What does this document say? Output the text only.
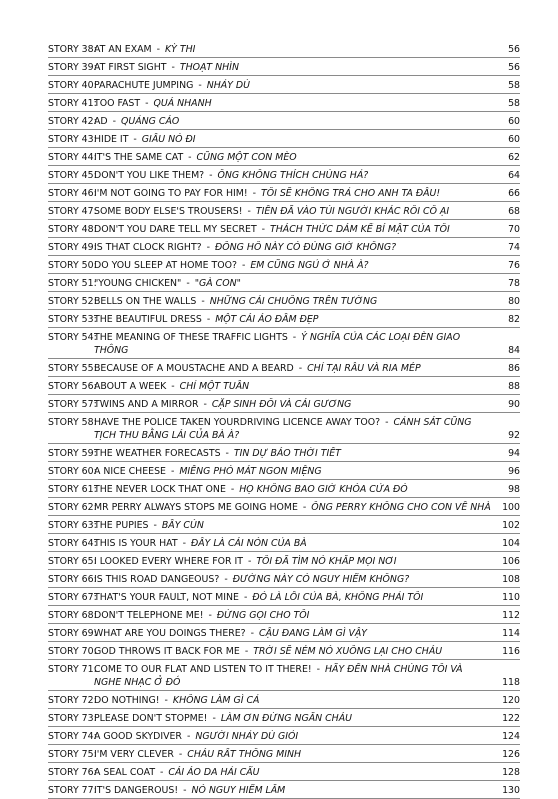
STORY 38:
AT AN EXAM - KỲ THI	56
STORY 39:
AT FIRST SIGHT - THOẠT NHÌN	56
STORY 40:
PARACHUTE JUMPING - NHẢY DÙ	58
STORY 41:
TOO FAST - QUÁ NHANH	58
STORY 42:
AD - QUẢNG CÁO	60
STORY 43:
HIDE IT - GIẤU NÓ ĐI	60
STORY 44:
IT'S THE SAME CAT - CŨNG MỘT CON MÈO	62
STORY 45:
DON'T YOU LIKE THEM? - ÔNG KHÔNG THÍCH CHÚNG HẢ?	64
STORY 46:
I'M NOT GOING TO PAY FOR HIM! - TÔI SẼ KHÔNG TRẢ CHO ANH TA ĐÂU!	66
STORY 47:
SOME BODY ELSE'S TROUSERS! - TIỀN ĐÃ VÀO TÚI NGƯỜI KHÁC RỒI CÔ ẠI	68
STORY 48:
DON'T YOU DARE TELL MY SECRET - THÁCH THỨC DÁM KỂ BÍ MẬT CỦA TÔI	70
STORY 49:
IS THAT CLOCK RIGHT? - ĐỒNG HỒ NÀY CÓ ĐÚNG GIỜ KHÔNG?	74
STORY 50:
DO YOU SLEEP AT HOME TOO? - EM CŨNG NGỦ Ở NHÀ À?	76
STORY 51:
"YOUNG CHICKEN" - "GÀ CON"	78
STORY 52:
BELLS ON THE WALLS - NHỮNG CÁI CHUÔNG TRÊN TƯỜNG	80
STORY 53:
THE BEAUTIFUL DRESS - MỘT CÁI ÁO ĐẦM ĐẸP	82
STORY 54:
THE MEANING OF THESE TRAFFIC LIGHTS - Ý NGHĨA CỦA CÁC LOẠI ĐÈN GIAO THÔNG	84
STORY 55:
BECAUSE OF A MOUSTACHE AND A BEARD - CHỈ TẠI RÂU VÀ RIA MÉP	86
STORY 56:
ABOUT A WEEK - CHỈ MỘT TUẦN	88
STORY 57:
TWINS AND A MIRROR - CẶP SINH ĐÔI VÀ CÁI GƯƠNG	90
STORY 58:
HAVE THE POLICE TAKEN YOURDRIVING LICENCE AWAY TOO? - CẢNH SÁT CŨNG TỊCH THU BẰNG LÁI CỦA BÀ À?	92
STORY 59:
THE WEATHER FORECASTS - TIN DỰ BÁO THỜI TIẾT	94
STORY 60:
A NICE CHEESE - MIẾNG PHÓ MÁT NGON MIỆNG	96
STORY 61:
THE NEVER LOCK THAT ONE - HỌ KHÔNG BAO GIỜ KHÓA CỬA ĐÓ	98
STORY 62:
MR PERRY ALWAYS STOPS ME GOING HOME - ÔNG PERRY KHÔNG CHO CON VỀ NHÀ	100
STORY 63:
THE PUPIES - BẦY CÚN	102
STORY 64:
THIS IS YOUR HAT - ĐÂY LÀ CÁI NÓN CỦA BÀ	104
STORY 65:
I LOOKED EVERY WHERE FOR IT - TÔI ĐÃ TÌM NÓ KHẮP MỌI NƠI	106
STORY 66:
IS THIS ROAD DANGEOUS? - ĐƯỜNG NÀY CÓ NGUY HIỂM KHÔNG?	108
STORY 67:
THAT'S YOUR FAULT, NOT MINE - ĐÓ LÀ LỖI CỦA BÀ, KHÔNG PHẢI TÔI	110
STORY 68:
DON'T TELEPHONE ME! - ĐỪNG GỌI CHO TÔI	112
STORY 69:
WHAT ARE YOU DOINGS THERE? - CẬU ĐANG LÀM GÌ VẬY	114
STORY 70:
GOD THROWS IT BACK FOR ME - TRỜI SẼ NÉM NÓ XUỐNG LẠI CHO CHÁU	116
STORY 71:
COME TO OUR FLAT AND LISTEN TO IT THERE! - HÃY ĐẾN NHÀ CHÚNG TÔI VÀ NGHE NHẠC Ở ĐÓ	118
STORY 72:
DO NOTHING! - KHÔNG LÀM GÌ CẢ	120
STORY 73:
PLEASE DON'T STOPME! - LÀM ƠN ĐỪNG NGĂN CHÁU	122
STORY 74:
A GOOD SKYDIVER - NGƯỜI NHẢY DÙ GIỎI	124
STORY 75:
I'M VERY CLEVER - CHÁU RẤT THÔNG MINH	126
STORY 76:
A SEAL COAT - CÁI ÁO DA HẢI CẨU	128
STORY 77:
IT'S DANGEROUS! - NÓ NGUY HIỂM LẮM	130
